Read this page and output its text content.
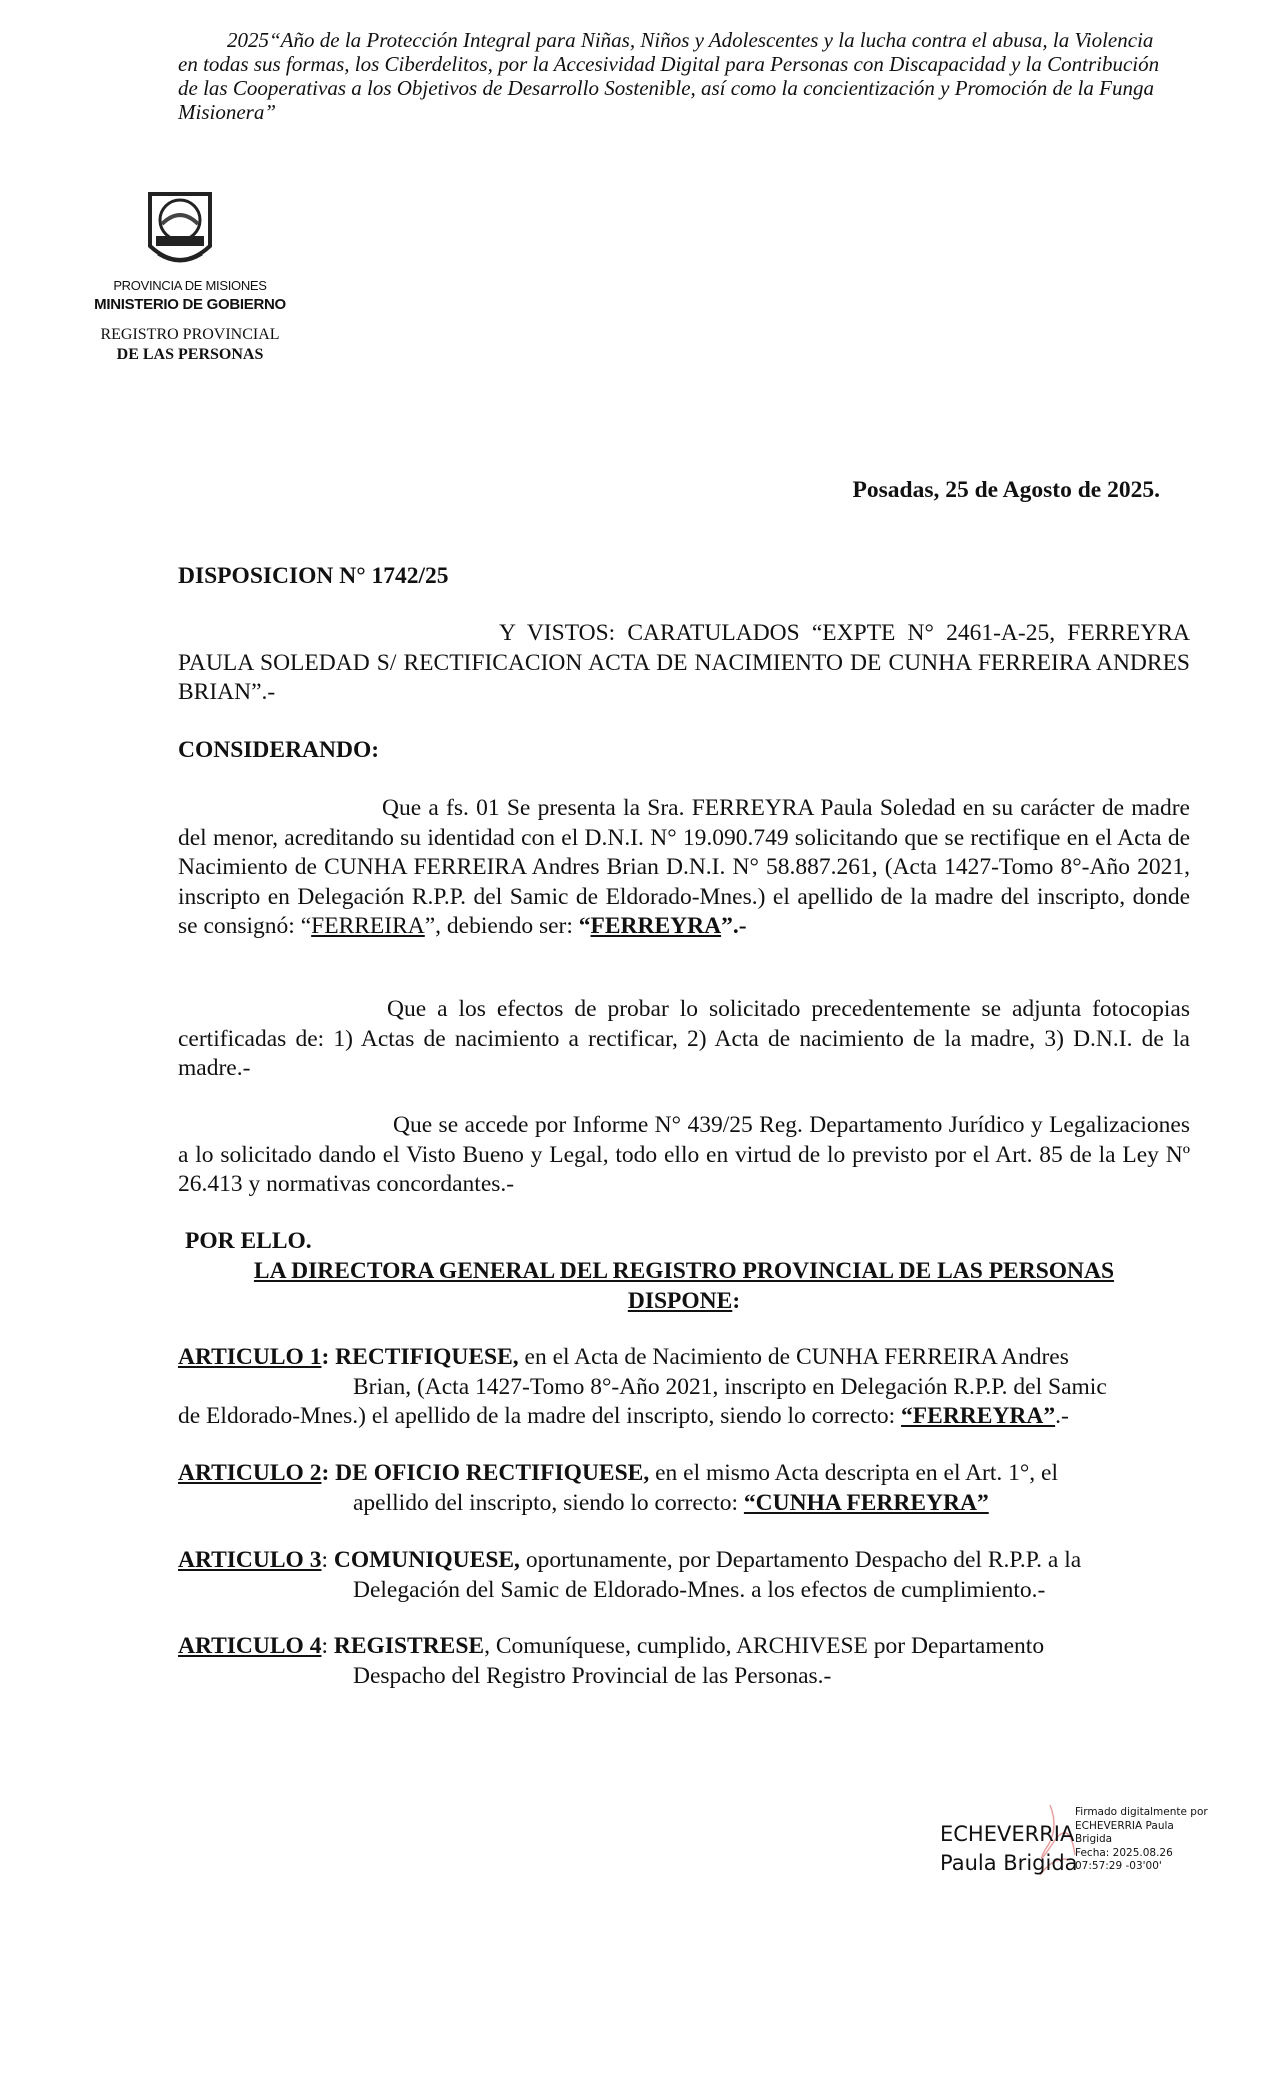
2025“Año de la Protección Integral para Niñas, Niños y Adolescentes y la lucha contra el abusa, la Violencia en todas sus formas, los Ciberdelitos, por la Accesividad Digital para Personas con Discapacidad y la Contribución de las Cooperativas a los Objetivos de Desarrollo Sostenible, así como la concientización y Promoción de la Funga Misionera”
PROVINCIA DE MISIONES
MINISTERIO DE GOBIERNO
REGISTRO PROVINCIAL
DE LAS PERSONAS
Posadas, 25 de Agosto de 2025.
DISPOSICION N° 1742/25
Y VISTOS: CARATULADOS “EXPTE N° 2461-A-25, FERREYRA PAULA SOLEDAD S/ RECTIFICACION ACTA DE NACIMIENTO DE CUNHA FERREIRA ANDRES BRIAN”.-
CONSIDERANDO:
Que a fs. 01 Se presenta la Sra. FERREYRA Paula Soledad en su carácter de madre del menor, acreditando su identidad con el D.N.I. N° 19.090.749 solicitando que se rectifique en el Acta de Nacimiento de CUNHA FERREIRA Andres Brian D.N.I. N° 58.887.261, (Acta 1427-Tomo 8°-Año 2021, inscripto en Delegación R.P.P. del Samic de Eldorado-Mnes.) el apellido de la madre del inscripto, donde se consignó: “FERREIRA”, debiendo ser: “FERREYRA”.-
Que a los efectos de probar lo solicitado precedentemente se adjunta fotocopias certificadas de: 1) Actas de nacimiento a rectificar, 2) Acta de nacimiento de la madre, 3) D.N.I. de la madre.-
Que se accede por Informe N° 439/25 Reg. Departamento Jurídico y Legalizaciones a lo solicitado dando el Visto Bueno y Legal, todo ello en virtud de lo previsto por el Art. 85 de la Ley Nº 26.413 y normativas concordantes.-
POR ELLO.
LA DIRECTORA GENERAL DEL REGISTRO PROVINCIAL DE LAS PERSONAS
DISPONE:
ARTICULO 1: RECTIFIQUESE, en el Acta de Nacimiento de CUNHA FERREIRA Andres
Brian, (Acta 1427-Tomo 8°-Año 2021, inscripto en Delegación R.P.P. del Samic
de Eldorado-Mnes.) el apellido de la madre del inscripto, siendo lo correcto: “FERREYRA”.-
ARTICULO 2: DE OFICIO RECTIFIQUESE, en el mismo Acta descripta en el Art. 1°, el
apellido del inscripto, siendo lo correcto: “CUNHA FERREYRA”
ARTICULO 3: COMUNIQUESE, oportunamente, por Departamento Despacho del R.P.P. a la
Delegación del Samic de Eldorado-Mnes. a los efectos de cumplimiento.-
ARTICULO 4: REGISTRESE, Comuníquese, cumplido, ARCHIVESE por Departamento
Despacho del Registro Provincial de las Personas.-
ECHEVERRIA
Paula Brigida
Firmado digitalmente por
ECHEVERRIA Paula
Brigida
Fecha: 2025.08.26
07:57:29 -03'00'
